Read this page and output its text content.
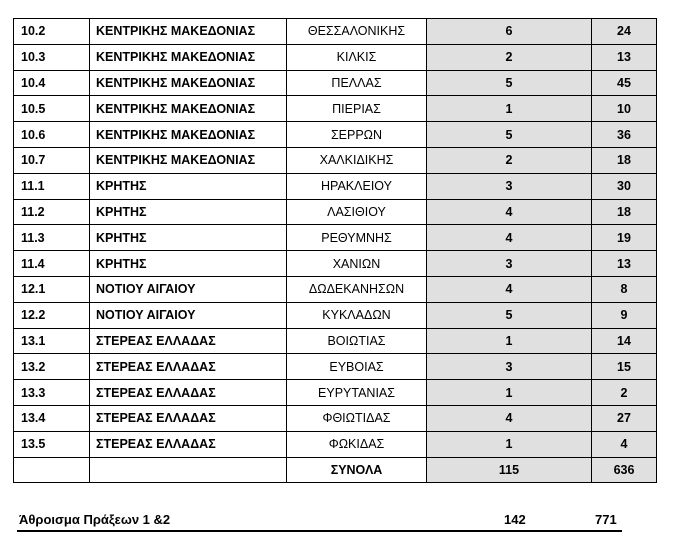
10.2	ΚΕΝΤΡΙΚΗΣ ΜΑΚΕΔΟΝΙΑΣ	ΘΕΣΣΑΛΟΝΙΚΗΣ	6	24
10.3	ΚΕΝΤΡΙΚΗΣ ΜΑΚΕΔΟΝΙΑΣ	ΚΙΛΚΙΣ	2	13
10.4	ΚΕΝΤΡΙΚΗΣ ΜΑΚΕΔΟΝΙΑΣ	ΠΕΛΛΑΣ	5	45
10.5	ΚΕΝΤΡΙΚΗΣ ΜΑΚΕΔΟΝΙΑΣ	ΠΙΕΡΙΑΣ	1	10
10.6	ΚΕΝΤΡΙΚΗΣ ΜΑΚΕΔΟΝΙΑΣ	ΣΕΡΡΩΝ	5	36
10.7	ΚΕΝΤΡΙΚΗΣ ΜΑΚΕΔΟΝΙΑΣ	ΧΑΛΚΙΔΙΚΗΣ	2	18
11.1	ΚΡΗΤΗΣ	ΗΡΑΚΛΕΙΟΥ	3	30
11.2	ΚΡΗΤΗΣ	ΛΑΣΙΘΙΟΥ	4	18
11.3	ΚΡΗΤΗΣ	ΡΕΘΥΜΝΗΣ	4	19
11.4	ΚΡΗΤΗΣ	ΧΑΝΙΩΝ	3	13
12.1	ΝΟΤΙΟΥ ΑΙΓΑΙΟΥ	ΔΩΔΕΚΑΝΗΣΩΝ	4	8
12.2	ΝΟΤΙΟΥ ΑΙΓΑΙΟΥ	ΚΥΚΛΑΔΩΝ	5	9
13.1	ΣΤΕΡΕΑΣ ΕΛΛΑΔΑΣ	ΒΟΙΩΤΙΑΣ	1	14
13.2	ΣΤΕΡΕΑΣ ΕΛΛΑΔΑΣ	ΕΥΒΟΙΑΣ	3	15
13.3	ΣΤΕΡΕΑΣ ΕΛΛΑΔΑΣ	ΕΥΡΥΤΑΝΙΑΣ	1	2
13.4	ΣΤΕΡΕΑΣ ΕΛΛΑΔΑΣ	ΦΘΙΩΤΙΔΑΣ	4	27
13.5	ΣΤΕΡΕΑΣ ΕΛΛΑΔΑΣ	ΦΩΚΙΔΑΣ	1	4
		ΣΥΝΟΛΑ	115	636
Άθροισμα Πράξεων 1 &2	142	771
